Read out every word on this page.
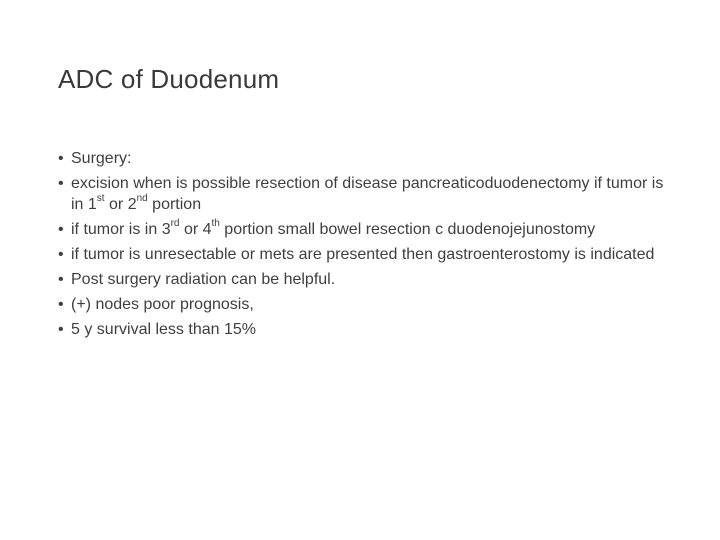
ADC of Duodenum
• Surgery:
• excision when is possible resection of disease pancreaticoduodenectomy if tumor is in 1st or 2nd portion
• if tumor is in 3rd or 4th portion small bowel resection c duodenojejunostomy
• if tumor is unresectable or mets are presented then gastroenterostomy is indicated
• Post surgery radiation can be helpful.
• (+) nodes poor prognosis,
• 5 y survival less than 15%
